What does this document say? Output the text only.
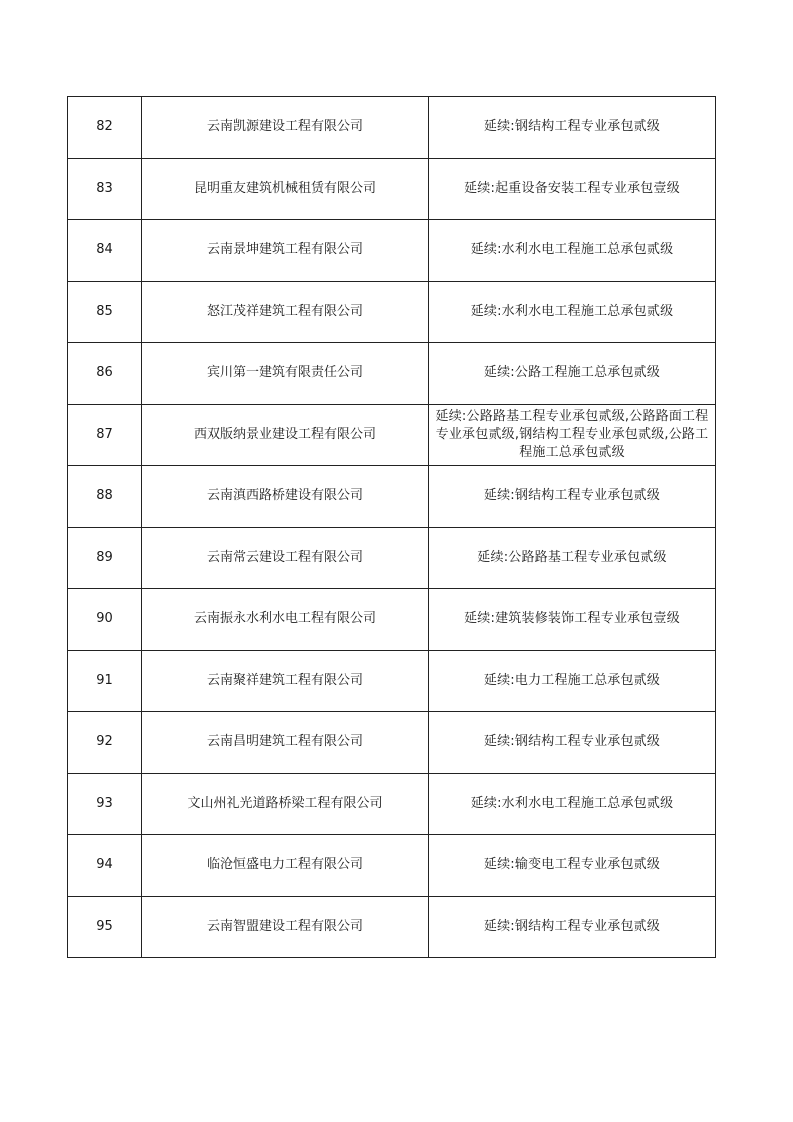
82	云南凯源建设工程有限公司	延续:钢结构工程专业承包贰级
83	昆明重友建筑机械租赁有限公司	延续:起重设备安装工程专业承包壹级
84	云南景坤建筑工程有限公司	延续:水利水电工程施工总承包贰级
85	怒江茂祥建筑工程有限公司	延续:水利水电工程施工总承包贰级
86	宾川第一建筑有限责任公司	延续:公路工程施工总承包贰级
87	西双版纳景业建设工程有限公司	延续:公路路基工程专业承包贰级,公路路面工程专业承包贰级,钢结构工程专业承包贰级,公路工程施工总承包贰级
88	云南滇西路桥建设有限公司	延续:钢结构工程专业承包贰级
89	云南常云建设工程有限公司	延续:公路路基工程专业承包贰级
90	云南振永水利水电工程有限公司	延续:建筑装修装饰工程专业承包壹级
91	云南聚祥建筑工程有限公司	延续:电力工程施工总承包贰级
92	云南昌明建筑工程有限公司	延续:钢结构工程专业承包贰级
93	文山州礼光道路桥梁工程有限公司	延续:水利水电工程施工总承包贰级
94	临沧恒盛电力工程有限公司	延续:输变电工程专业承包贰级
95	云南智盟建设工程有限公司	延续:钢结构工程专业承包贰级
